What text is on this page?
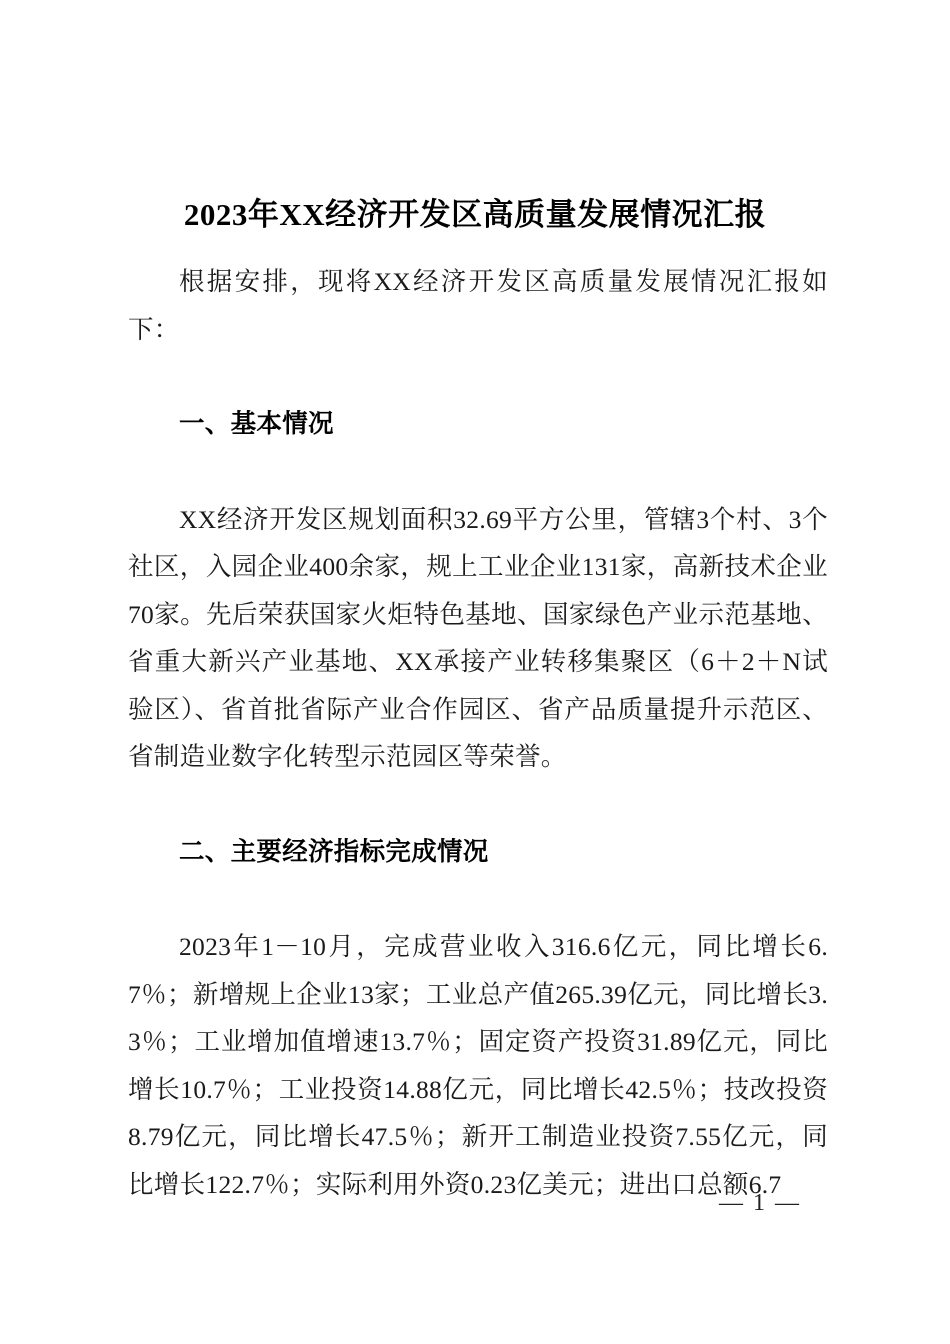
2023年XX经济开发区高质量发展情况汇报

根据安排，现将XX经济开发区高质量发展情况汇报如下：

一、基本情况

XX经济开发区规划面积32.69平方公里，管辖3个村、3个社区，入园企业400余家，规上工业企业131家，高新技术企业70家。先后荣获国家火炬特色基地、国家绿色产业示范基地、省重大新兴产业基地、XX承接产业转移集聚区（6＋2＋N试验区）、省首批省际产业合作园区、省产品质量提升示范区、省制造业数字化转型示范园区等荣誉。

二、主要经济指标完成情况

2023年1－10月，完成营业收入316.6亿元，同比增长6.7％；新增规上企业13家；工业总产值265.39亿元，同比增长3.3％；工业增加值增速13.7％；固定资产投资31.89亿元，同比增长10.7％；工业投资14.88亿元，同比增长42.5％；技改投资8.79亿元，同比增长47.5％；新开工制造业投资7.55亿元，同比增长122.7％；实际利用外资0.23亿美元；进出口总额6.7

— 1 —
